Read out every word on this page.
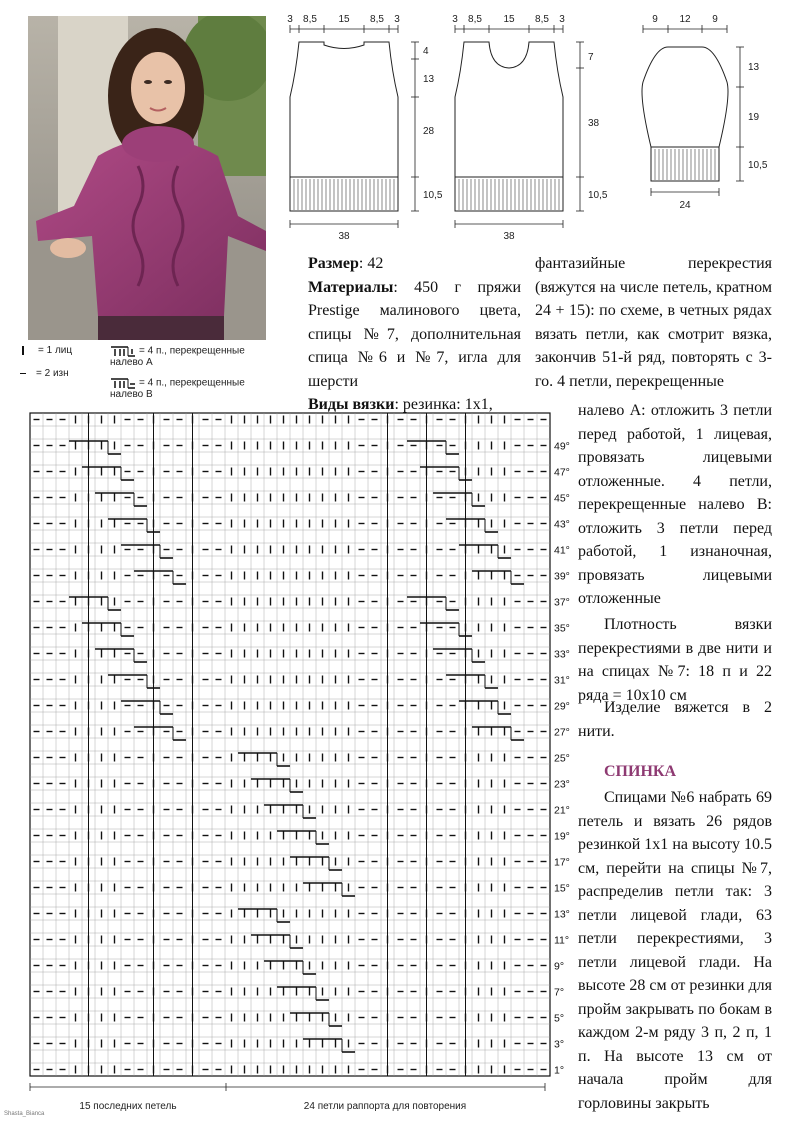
3 8,5 15 8,5 3
4
13
28
10,5
38
3 8,5 15 8,5 3
7
38
10,5
38
9 12 9
13
19
10,5
24
= 1 лиц
= 2 изн
= 4 п., перекрещенные налево А
= 4 п., перекрещенные налево В

Размер: 42

Материалы: 450 г пряжи Prestige малинового цвета, спицы №7, дополнительная спица №6 и №7, игла для шерсти

Виды вязки: резинка: 1х1,

фантазийные перекрестия (вяжутся на числе петель, кратном 24 + 15): по схеме, в четных рядах вязать петли, как смотрит вязка, закончив 51-й ряд, повторять с 3-го. 4 петли, перекрещенные
налево А: отложить 3 петли перед работой, 1 лицевая, провязать лицевыми отложенные. 4 петли, перекрещенные налево В: отложить 3 петли перед работой, 1 изнаночная, провязать лицевыми отложенные
Плотность вязки перекрестиями в две нити и на спицах №7: 18 п и 22 ряда = 10х10 см
Изделие вяжется в 2 нити.
СПИНКА
Спицами №6 набрать 69 петель и вязать 26 рядов резинкой 1х1 на высоту 10.5 см, перейти на спицы №7, распределив петли так: 3 петли лицевой глади, 63 петли перекрестиями, 3 петли лицевой глади. На высоте 28 см от резинки для пройм закрывать по бокам в каждом 2-м ряду 3 п, 2 п, 1 п. На высоте 13 см от начала пройм для горловины закрыть
49°
47°
45°
43°
41°
39°
37°
35°
33°
31°
29°
27°
25°
23°
21°
19°
17°
15°
13°
11°
9°
7°
5°
3°
1°
15 последних петель	24 петли раппорта для повторения
Shasta_Bianca
